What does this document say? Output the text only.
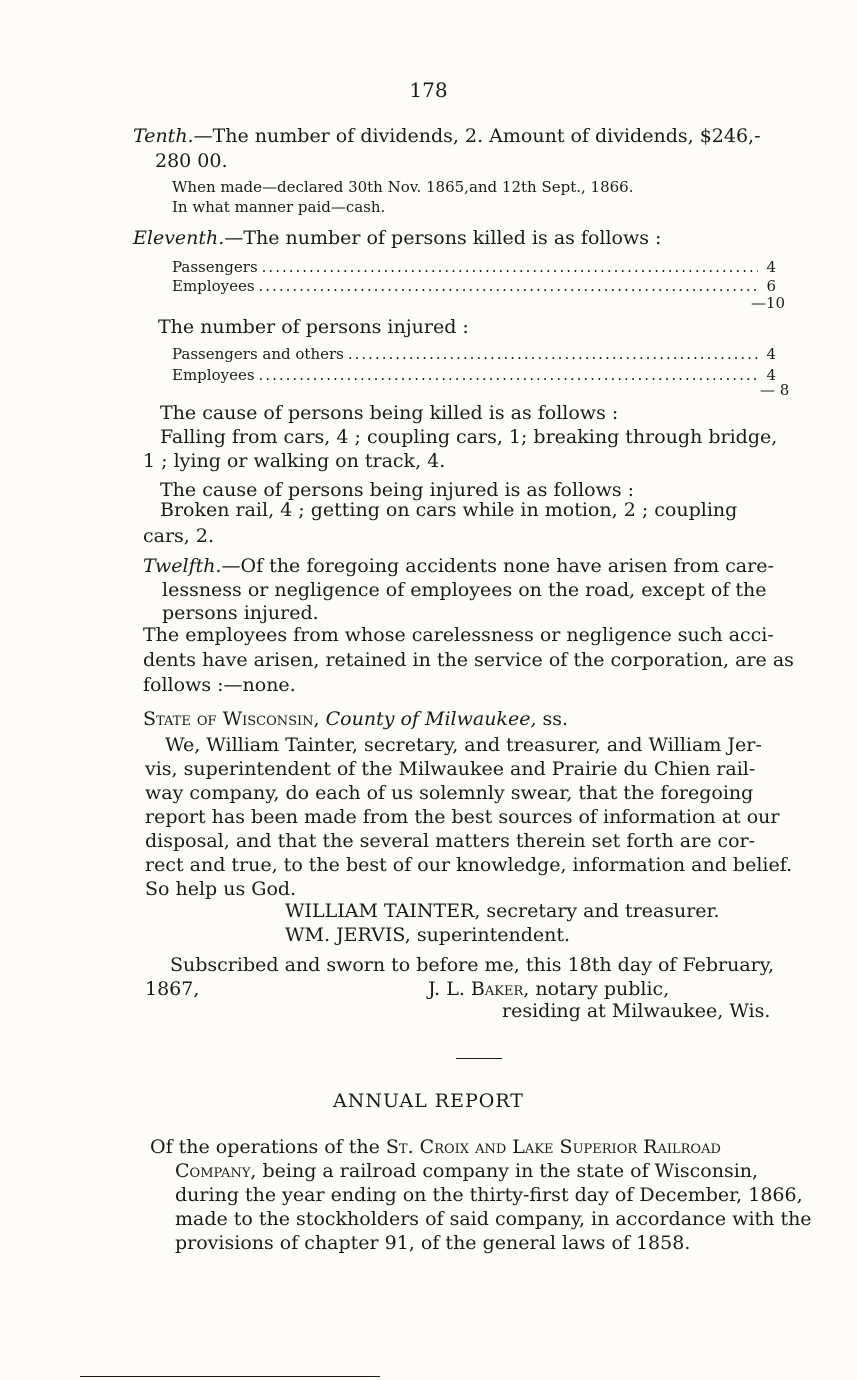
178
Tenth.—The number of dividends, 2. Amount of dividends, $246,-
280 00.
When made—declared 30th Nov. 1865,and 12th Sept., 1866.
In what manner paid—cash.
Eleventh.—The number of persons killed is as follows :
Passengers .....	4
Employees .....	6
—10
The number of persons injured :
Passengers and others .....	4
Employees .....	4
— 8
The cause of persons being killed is as follows :
Falling from cars, 4 ; coupling cars, 1; breaking through bridge,
1 ; lying or walking on track, 4.
The cause of persons being injured is as follows :
Broken rail, 4 ; getting on cars while in motion, 2 ; coupling
cars, 2.
Twelfth.—Of the foregoing accidents none have arisen from care-
lessness or negligence of employees on the road, except of the
persons injured.
The employees from whose carelessness or negligence such acci-
dents have arisen, retained in the service of the corporation, are as
follows :—none.
State of Wisconsin, County of Milwaukee, ss.
We, William Tainter, secretary, and treasurer, and William Jer-
vis, superintendent of the Milwaukee and Prairie du Chien rail-
way company, do each of us solemnly swear, that the foregoing
report has been made from the best sources of information at our
disposal, and that the several matters therein set forth are cor-
rect and true, to the best of our knowledge, information and belief.
So help us God.
WILLIAM TAINTER, secretary and treasurer.
WM. JERVIS, superintendent.
Subscribed and sworn to before me, this 18th day of February,
1867,	J. L. Baker, notary public,
residing at Milwaukee, Wis.
ANNUAL REPORT
Of the operations of the St. Croix and Lake Superior Railroad
Company, being a railroad company in the state of Wisconsin,
during the year ending on the thirty-first day of December, 1866,
made to the stockholders of said company, in accordance with the
provisions of chapter 91, of the general laws of 1858.
